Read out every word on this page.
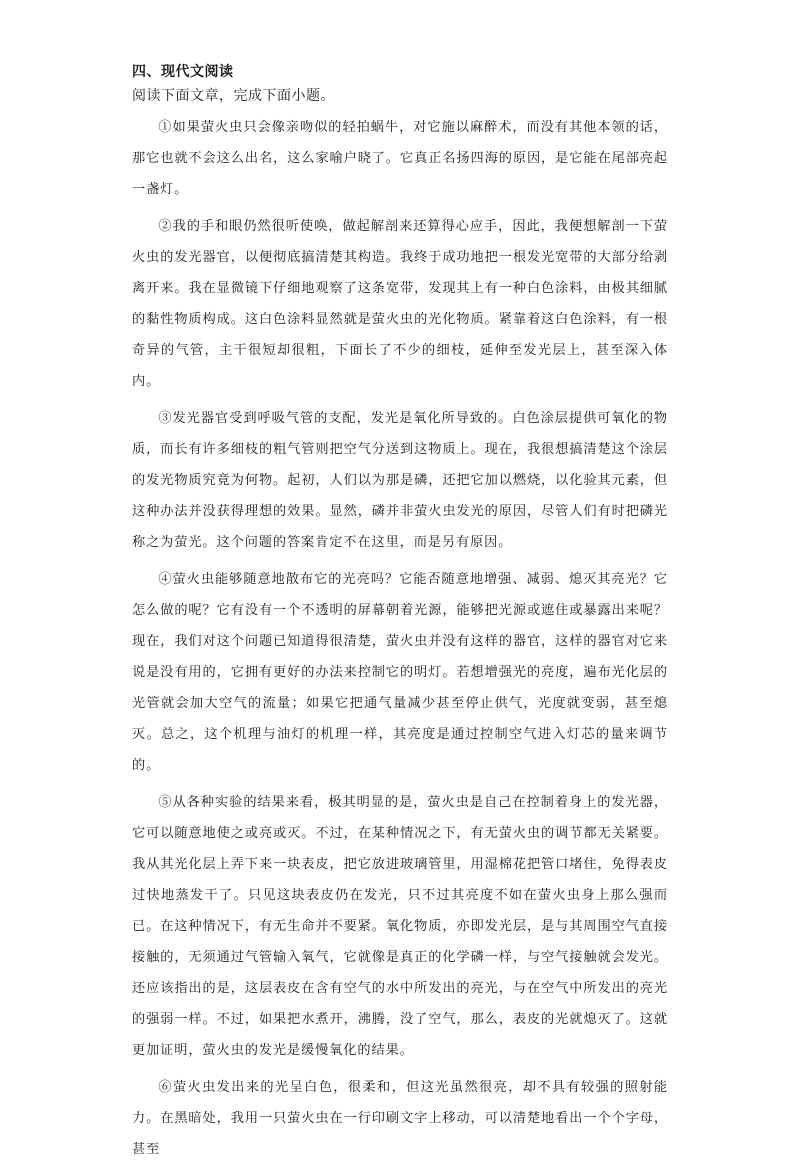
四、现代文阅读
阅读下面文章，完成下面小题。

①如果萤火虫只会像亲吻似的轻拍蜗牛，对它施以麻醉术，而没有其他本领的话，那它也就不会这么出名，这么家喻户晓了。它真正名扬四海的原因，是它能在尾部亮起一盏灯。

②我的手和眼仍然很听使唤，做起解剖来还算得心应手，因此，我便想解剖一下萤火虫的发光器官，以便彻底搞清楚其构造。我终于成功地把一根发光宽带的大部分给剥离开来。我在显微镜下仔细地观察了这条宽带，发现其上有一种白色涂料，由极其细腻的黏性物质构成。这白色涂料显然就是萤火虫的光化物质。紧靠着这白色涂料，有一根奇异的气管，主干很短却很粗，下面长了不少的细枝，延伸至发光层上，甚至深入体内。

③发光器官受到呼吸气管的支配，发光是氧化所导致的。白色涂层提供可氧化的物质，而长有许多细枝的粗气管则把空气分送到这物质上。现在，我很想搞清楚这个涂层的发光物质究竟为何物。起初，人们以为那是磷，还把它加以燃烧，以化验其元素，但这种办法并没获得理想的效果。显然，磷并非萤火虫发光的原因，尽管人们有时把磷光称之为萤光。这个问题的答案肯定不在这里，而是另有原因。

④萤火虫能够随意地散布它的光亮吗？它能否随意地增强、减弱、熄灭其亮光？它怎么做的呢？它有没有一个不透明的屏幕朝着光源，能够把光源或遮住或暴露出来呢？现在，我们对这个问题已知道得很清楚，萤火虫并没有这样的器官，这样的器官对它来说是没有用的，它拥有更好的办法来控制它的明灯。若想增强光的亮度，遍布光化层的光管就会加大空气的流量；如果它把通气量减少甚至停止供气，光度就变弱，甚至熄灭。总之，这个机理与油灯的机理一样，其亮度是通过控制空气进入灯芯的量来调节的。

⑤从各种实验的结果来看，极其明显的是，萤火虫是自己在控制着身上的发光器，它可以随意地使之或亮或灭。不过，在某种情况之下，有无萤火虫的调节都无关紧要。我从其光化层上弄下来一块表皮，把它放进玻璃管里，用湿棉花把管口堵住，免得表皮过快地蒸发干了。只见这块表皮仍在发光，只不过其亮度不如在萤火虫身上那么强而已。在这种情况下，有无生命并不要紧。氧化物质，亦即发光层，是与其周围空气直接接触的，无须通过气管输入氧气，它就像是真正的化学磷一样，与空气接触就会发光。还应该指出的是，这层表皮在含有空气的水中所发出的亮光，与在空气中所发出的亮光的强弱一样。不过，如果把水煮开，沸腾，没了空气，那么，表皮的光就熄灭了。这就更加证明，萤火虫的发光是缓慢氧化的结果。

⑥萤火虫发出来的光呈白色，很柔和，但这光虽然很亮，却不具有较强的照射能力。在黑暗处，我用一只萤火虫在一行印刷文字上移动，可以清楚地看出一个个字母，甚至
